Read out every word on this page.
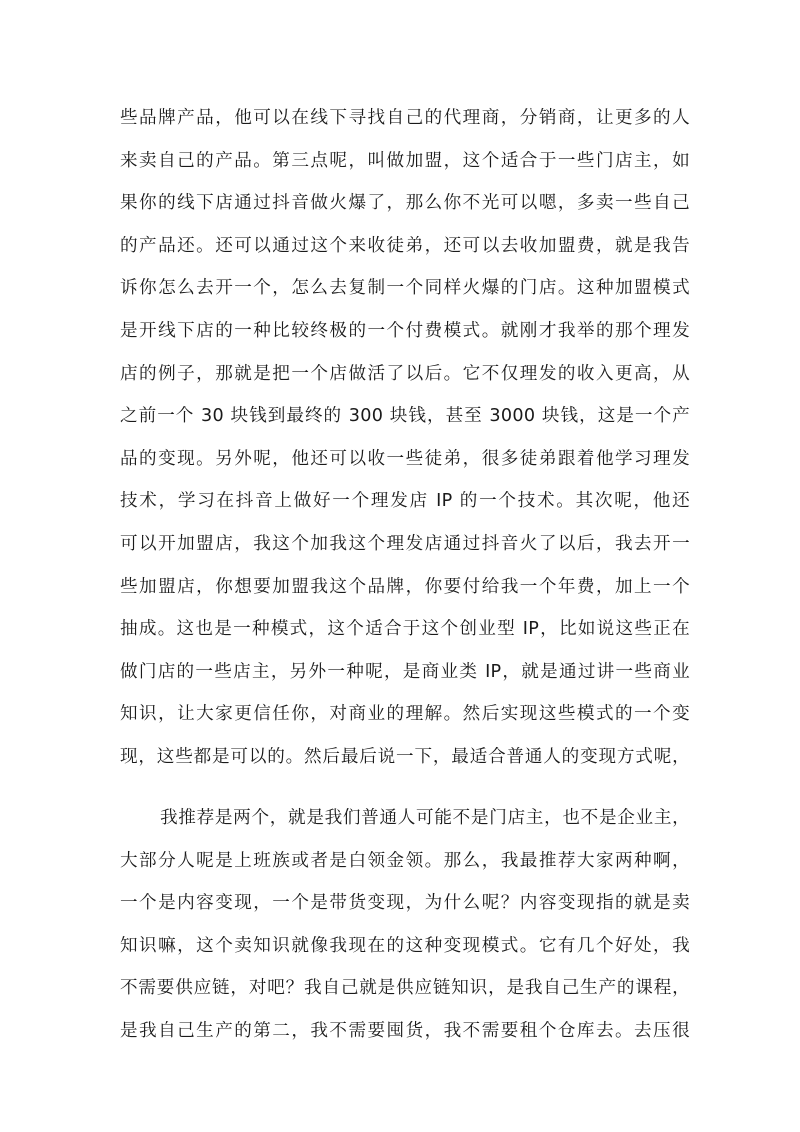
些品牌产品，他可以在线下寻找自己的代理商，分销商，让更多的人
来卖自己的产品。第三点呢，叫做加盟，这个适合于一些门店主，如
果你的线下店通过抖音做火爆了，那么你不光可以嗯，多卖一些自己
的产品还。还可以通过这个来收徒弟，还可以去收加盟费，就是我告
诉你怎么去开一个，怎么去复制一个同样火爆的门店。这种加盟模式
是开线下店的一种比较终极的一个付费模式。就刚才我举的那个理发
店的例子，那就是把一个店做活了以后。它不仅理发的收入更高，从
之前一个 30 块钱到最终的 300 块钱，甚至 3000 块钱，这是一个产
品的变现。另外呢，他还可以收一些徒弟，很多徒弟跟着他学习理发
技术，学习在抖音上做好一个理发店 IP 的一个技术。其次呢，他还
可以开加盟店，我这个加我这个理发店通过抖音火了以后，我去开一
些加盟店，你想要加盟我这个品牌，你要付给我一个年费，加上一个
抽成。这也是一种模式，这个适合于这个创业型 IP，比如说这些正在
做门店的一些店主，另外一种呢，是商业类 IP，就是通过讲一些商业
知识，让大家更信任你，对商业的理解。然后实现这些模式的一个变
现，这些都是可以的。然后最后说一下，最适合普通人的变现方式呢，
我推荐是两个，就是我们普通人可能不是门店主，也不是企业主，
大部分人呢是上班族或者是白领金领。那么，我最推荐大家两种啊，
一个是内容变现，一个是带货变现，为什么呢？内容变现指的就是卖
知识嘛，这个卖知识就像我现在的这种变现模式。它有几个好处，我
不需要供应链，对吧？我自己就是供应链知识，是我自己生产的课程，
是我自己生产的第二，我不需要囤货，我不需要租个仓库去。去压很
